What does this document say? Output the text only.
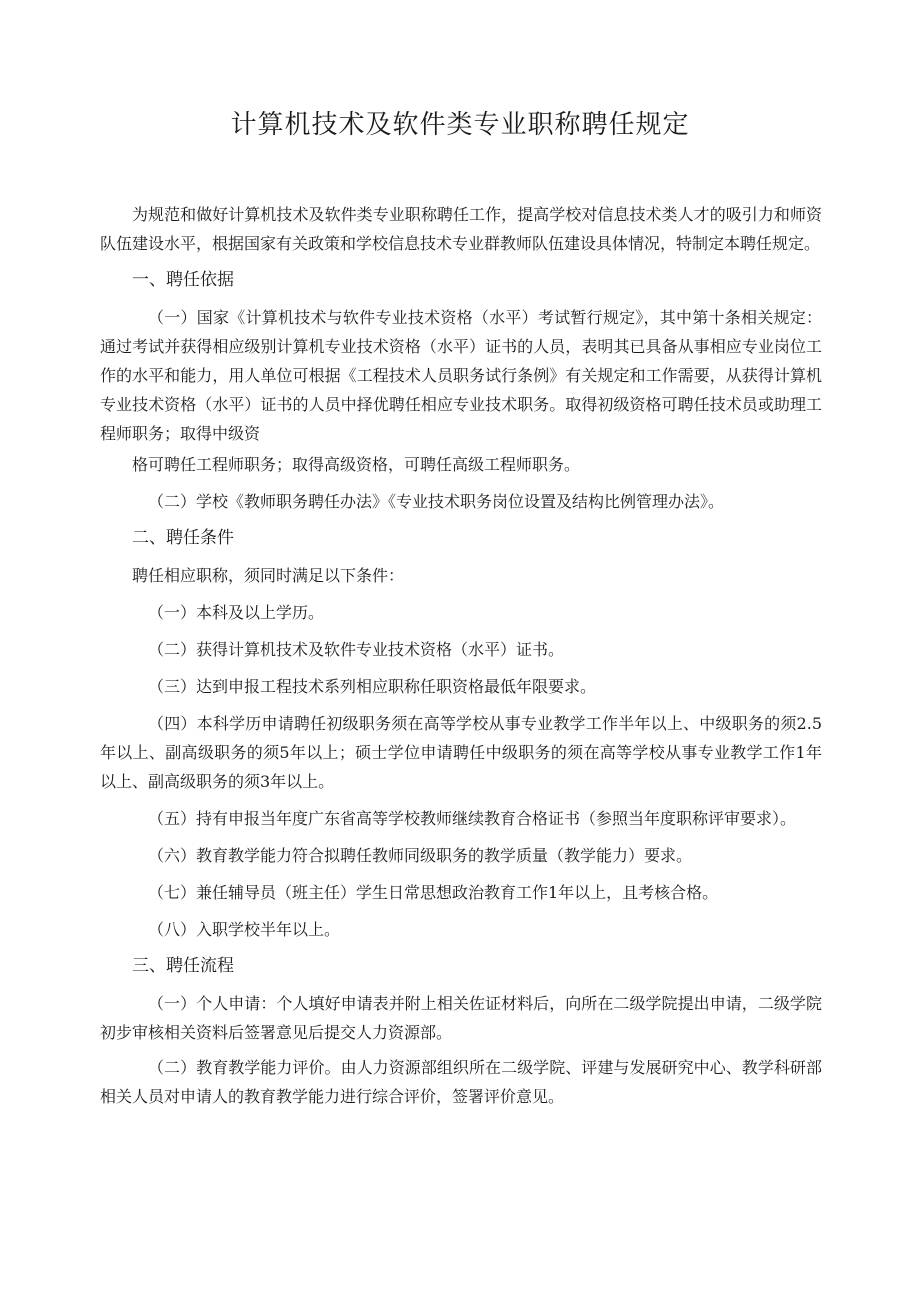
计算机技术及软件类专业职称聘任规定

为规范和做好计算机技术及软件类专业职称聘任工作，提高学校对信息技术类人才的吸引力和师资队伍建设水平，根据国家有关政策和学校信息技术专业群教师队伍建设具体情况，特制定本聘任规定。

一、聘任依据

（一）国家《计算机技术与软件专业技术资格（水平）考试暂行规定》，其中第十条相关规定：通过考试并获得相应级别计算机专业技术资格（水平）证书的人员，表明其已具备从事相应专业岗位工作的水平和能力，用人单位可根据《工程技术人员职务试行条例》有关规定和工作需要，从获得计算机专业技术资格（水平）证书的人员中择优聘任相应专业技术职务。取得初级资格可聘任技术员或助理工程师职务；取得中级资

格可聘任工程师职务；取得高级资格，可聘任高级工程师职务。

（二）学校《教师职务聘任办法》《专业技术职务岗位设置及结构比例管理办法》。

二、聘任条件

聘任相应职称，须同时满足以下条件：

（一）本科及以上学历。

（二）获得计算机技术及软件专业技术资格（水平）证书。

（三）达到申报工程技术系列相应职称任职资格最低年限要求。

（四）本科学历申请聘任初级职务须在高等学校从事专业教学工作半年以上、中级职务的须2.5年以上、副高级职务的须5年以上；硕士学位申请聘任中级职务的须在高等学校从事专业教学工作1年以上、副高级职务的须3年以上。

（五）持有申报当年度广东省高等学校教师继续教育合格证书（参照当年度职称评审要求）。

（六）教育教学能力符合拟聘任教师同级职务的教学质量（教学能力）要求。

（七）兼任辅导员（班主任）学生日常思想政治教育工作1年以上，且考核合格。

（八）入职学校半年以上。

三、聘任流程

（一）个人申请：个人填好申请表并附上相关佐证材料后，向所在二级学院提出申请，二级学院初步审核相关资料后签署意见后提交人力资源部。

（二）教育教学能力评价。由人力资源部组织所在二级学院、评建与发展研究中心、教学科研部相关人员对申请人的教育教学能力进行综合评价，签署评价意见。
